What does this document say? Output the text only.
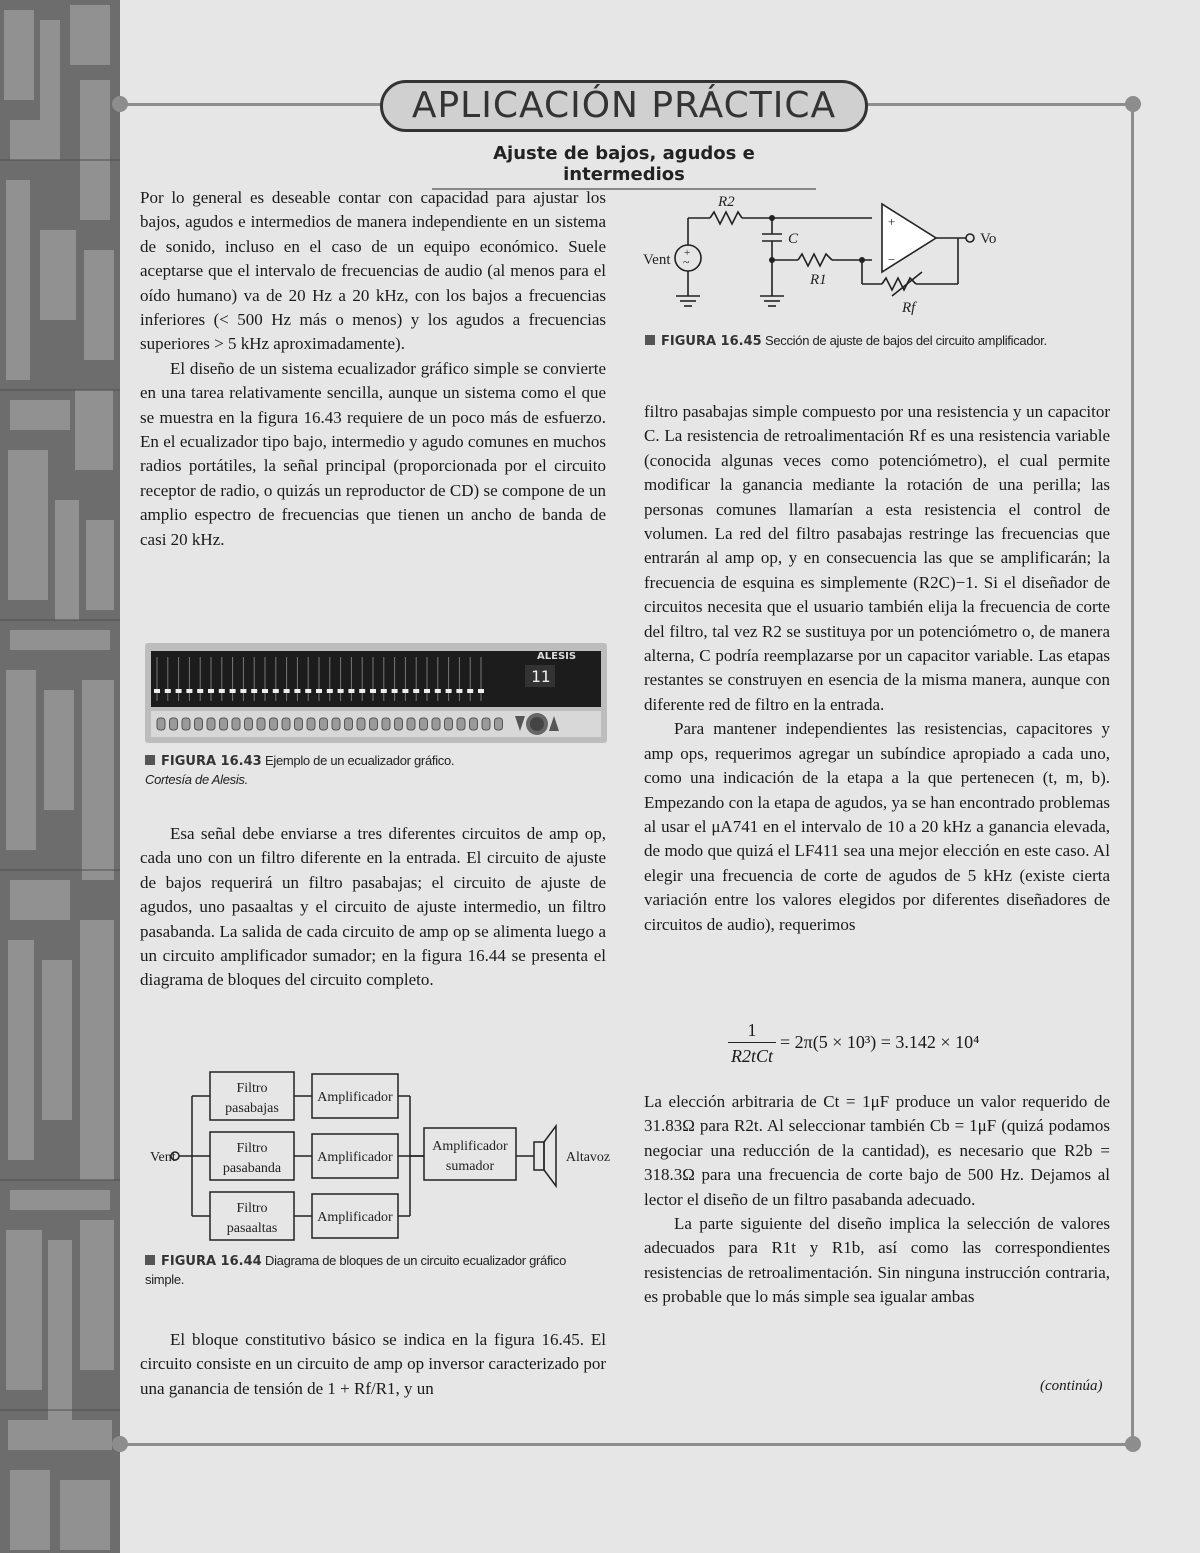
APLICACIÓN PRÁCTICA
Ajuste de bajos, agudos e intermedios

Por lo general es deseable contar con capacidad para ajustar los bajos, agudos e intermedios de manera independiente en un sistema de sonido, incluso en el caso de un equipo económico. Suele aceptarse que el intervalo de frecuencias de audio (al menos para el oído humano) va de 20 Hz a 20 kHz, con los bajos a frecuencias inferiores (< 500 Hz más o menos) y los agudos a frecuencias superiores > 5 kHz aproximadamente).

El diseño de un sistema ecualizador gráfico simple se convierte en una tarea relativamente sencilla, aunque un sistema como el que se muestra en la figura 16.43 requiere de un poco más de esfuerzo. En el ecualizador tipo bajo, intermedio y agudo comunes en muchos radios portátiles, la señal principal (proporcionada por el circuito receptor de radio, o quizás un reproductor de CD) se compone de un amplio espectro de frecuencias que tienen un ancho de banda de casi 20 kHz.

ALESIS
11
FIGURA 16.43 Ejemplo de un ecualizador gráfico.
Cortesía de Alesis.

Esa señal debe enviarse a tres diferentes circuitos de amp op, cada uno con un filtro diferente en la entrada. El circuito de ajuste de bajos requerirá un filtro pasabajas; el circuito de ajuste de agudos, uno pasaaltas y el circuito de ajuste intermedio, un filtro pasabanda. La salida de cada circuito de amp op se alimenta luego a un circuito amplificador sumador; en la figura 16.44 se presenta el diagrama de bloques del circuito completo.

Vent
Amplificador
Amplificador
Amplificador
Altavoz
Filtro
pasabajas
Filtro
pasabanda
Filtro
pasaaltas
Amplificador
sumador
FIGURA 16.44 Diagrama de bloques de un circuito ecualizador gráfico simple.

El bloque constitutivo básico se indica en la figura 16.45. El circuito consiste en un circuito de amp op inversor caracterizado por una ganancia de tensión de 1 + Rf/R1, y un

+
~
+
−
Vent
Vo
R2
C
R1
Rf
FIGURA 16.45 Sección de ajuste de bajos del circuito amplificador.

filtro pasabajas simple compuesto por una resistencia y un capacitor C. La resistencia de retroalimentación Rf es una resistencia variable (conocida algunas veces como potenciómetro), el cual permite modificar la ganancia mediante la rotación de una perilla; las personas comunes llamarían a esta resistencia el control de volumen. La red del filtro pasabajas restringe las frecuencias que entrarán al amp op, y en consecuencia las que se amplificarán; la frecuencia de esquina es simplemente (R2C)−1. Si el diseñador de circuitos necesita que el usuario también elija la frecuencia de corte del filtro, tal vez R2 se sustituya por un potenciómetro o, de manera alterna, C podría reemplazarse por un capacitor variable. Las etapas restantes se construyen en esencia de la misma manera, aunque con diferente red de filtro en la entrada.

Para mantener independientes las resistencias, capacitores y amp ops, requerimos agregar un subíndice apropiado a cada uno, como una indicación de la etapa a la que pertenecen (t, m, b). Empezando con la etapa de agudos, ya se han encontrado problemas al usar el μA741 en el intervalo de 10 a 20 kHz a ganancia elevada, de modo que quizá el LF411 sea una mejor elección en este caso. Al elegir una frecuencia de corte de agudos de 5 kHz (existe cierta variación entre los valores elegidos por diferentes diseñadores de circuitos de audio), requerimos

1
R2tCt
= 2π(5 × 10³) = 3.142 × 10⁴

La elección arbitraria de Ct = 1μF produce un valor requerido de 31.83Ω para R2t. Al seleccionar también Cb = 1μF (quizá podamos negociar una reducción de la cantidad), es necesario que R2b = 318.3Ω para una frecuencia de corte bajo de 500 Hz. Dejamos al lector el diseño de un filtro pasabanda adecuado.

La parte siguiente del diseño implica la selección de valores adecuados para R1t y R1b, así como las correspondientes resistencias de retroalimentación. Sin ninguna instrucción contraria, es probable que lo más simple sea igualar ambas

(continúa)
